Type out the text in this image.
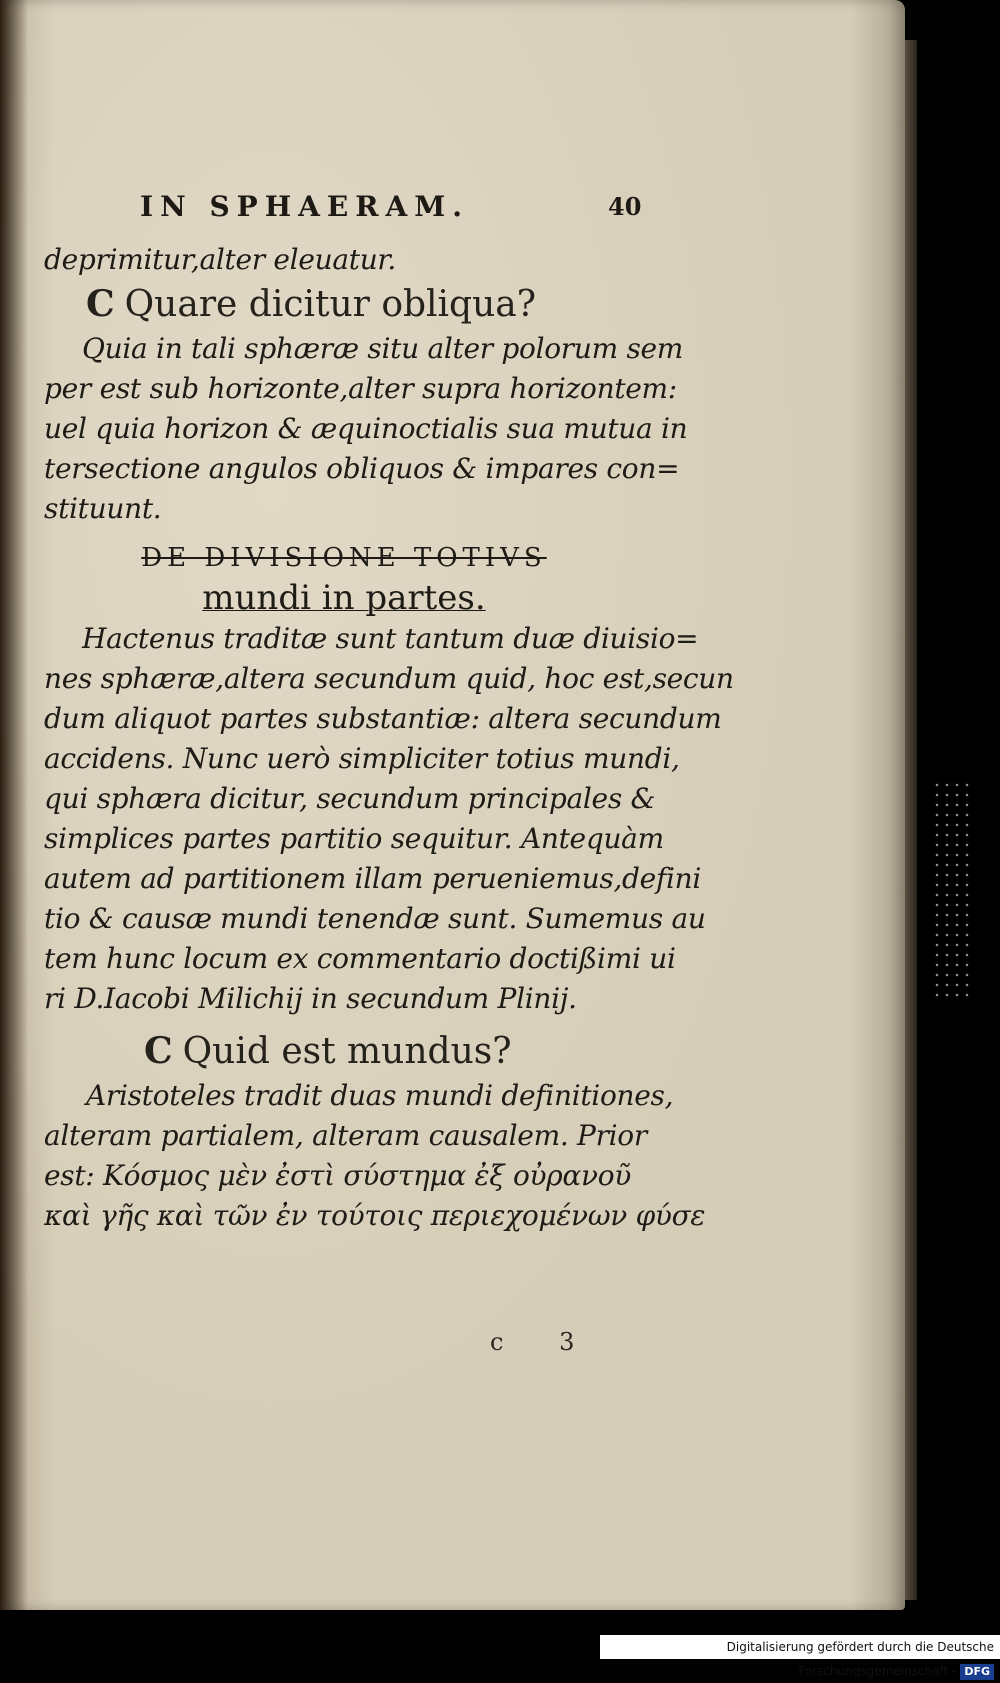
IN SPHAERAM.	40
deprimitur,alter eleuatur.
C Quare dicitur obliqua?
Quia in tali sphæræ situ alter polorum sem
per est sub horizonte,alter supra horizontem:
uel quia horizon & æquinoctialis sua mutua in
tersectione angulos obliquos & impares con=
stituunt.
DE DIVISIONE TOTIVS
mundi in partes.
Hactenus traditæ sunt tantum duæ diuisio=
nes sphæræ,altera secundum quid, hoc est,secun
dum aliquot partes substantiæ: altera secundum
accidens. Nunc uerò simpliciter totius mundi,
qui sphæra dicitur, secundum principales &
simplices partes partitio sequitur. Antequàm
autem ad partitionem illam perueniemus,defini
tio & causæ mundi tenendæ sunt. Sumemus au
tem hunc locum ex commentario doctißimi ui
ri D.Iacobi Milichij in secundum Plinij.
C Quid est mundus?
Aristoteles tradit duas mundi definitiones,
alteram partialem, alteram causalem. Prior
est: Κόσμος μὲν ἐστὶ σύστημα ἐξ οὐρανοῦ
καὶ γῆς καὶ τῶν ἐν τούτοις περιεχομένων φύσε
c 3
Digitalisierung gefördert durch die Deutsche Forschungsgemeinschaft - DFG
